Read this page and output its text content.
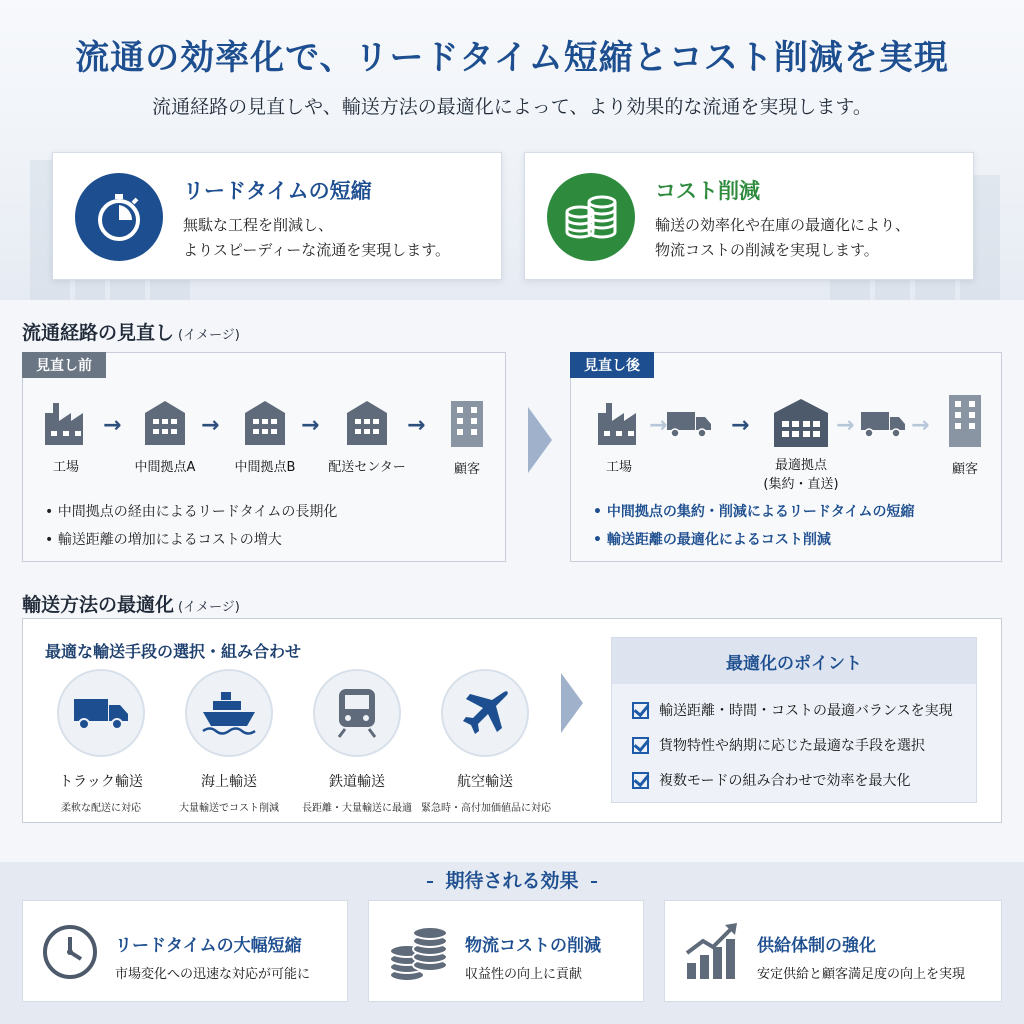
流通の効率化で、リードタイム短縮とコスト削減を実現
流通経路の見直しや、輸送方法の最適化によって、より効果的な流通を実現します。
リードタイムの短縮
無駄な工程を削減し、
よりスピーディーな流通を実現します。
コスト削減
輸送の効率化や在庫の最適化により、
物流コストの削減を実現します。
流通経路の見直し (イメージ)
見直し前
工場
→
中間拠点A
→
中間拠点B
→
配送センター
→
顧客
• 中間拠点の経由によるリードタイムの長期化
• 輸送距離の増加によるコストの増大
見直し後
工場
→	→
最適拠点
(集約・直送)
→	→
顧客
• 中間拠点の集約・削減によるリードタイムの短縮
• 輸送距離の最適化によるコスト削減
輸送方法の最適化 (イメージ)
最適な輸送手段の選択・組み合わせ
トラック輸送
柔軟な配送に対応
海上輸送
大量輸送でコスト削減
鉄道輸送
長距離・大量輸送に最適
航空輸送
緊急時・高付加価値品に対応
最適化のポイント
輸送距離・時間・コストの最適バランスを実現
貨物特性や納期に応じた最適な手段を選択
複数モードの組み合わせで効率を最大化
期待される効果
リードタイムの大幅短縮
市場変化への迅速な対応が可能に
物流コストの削減
収益性の向上に貢献
供給体制の強化
安定供給と顧客満足度の向上を実現
